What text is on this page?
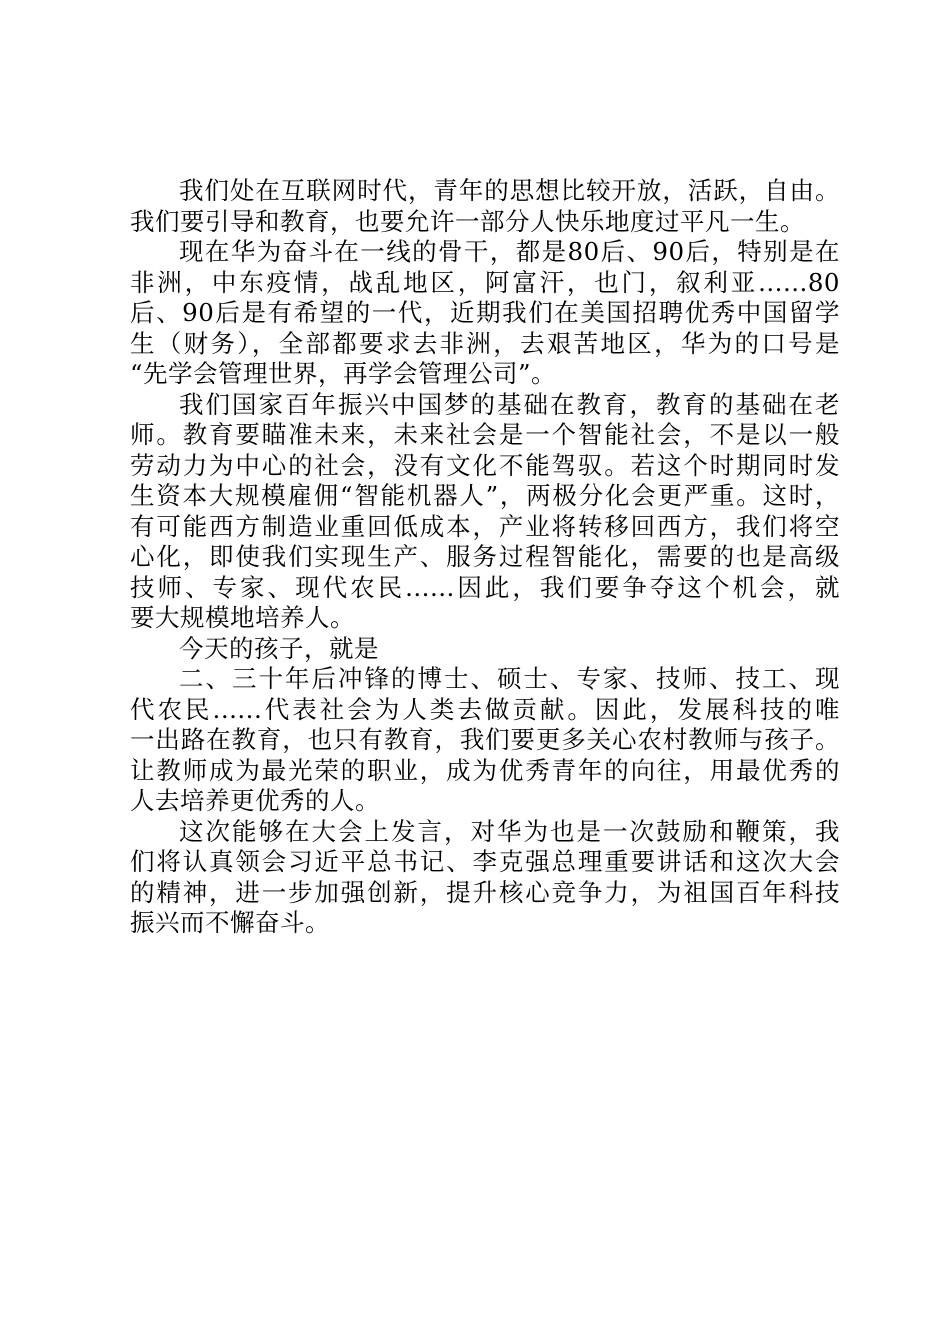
我们处在互联网时代，青年的思想比较开放，活跃，自由。
我们要引导和教育，也要允许一部分人快乐地度过平凡一生。
现在华为奋斗在一线的骨干，都是80后、90后，特别是在
非洲，中东疫情，战乱地区，阿富汗，也门，叙利亚......80
后、90后是有希望的一代，近期我们在美国招聘优秀中国留学
生（财务），全部都要求去非洲，去艰苦地区，华为的口号是
“先学会管理世界，再学会管理公司”。
我们国家百年振兴中国梦的基础在教育，教育的基础在老
师。教育要瞄准未来，未来社会是一个智能社会，不是以一般
劳动力为中心的社会，没有文化不能驾驭。若这个时期同时发
生资本大规模雇佣“智能机器人”，两极分化会更严重。这时，
有可能西方制造业重回低成本，产业将转移回西方，我们将空
心化，即使我们实现生产、服务过程智能化，需要的也是高级
技师、专家、现代农民......因此，我们要争夺这个机会，就
要大规模地培养人。
今天的孩子，就是
二、三十年后冲锋的博士、硕士、专家、技师、技工、现
代农民......代表社会为人类去做贡献。因此，发展科技的唯
一出路在教育，也只有教育，我们要更多关心农村教师与孩子。
让教师成为最光荣的职业，成为优秀青年的向往，用最优秀的
人去培养更优秀的人。
这次能够在大会上发言，对华为也是一次鼓励和鞭策，我
们将认真领会习近平总书记、李克强总理重要讲话和这次大会
的精神，进一步加强创新，提升核心竞争力，为祖国百年科技
振兴而不懈奋斗。
